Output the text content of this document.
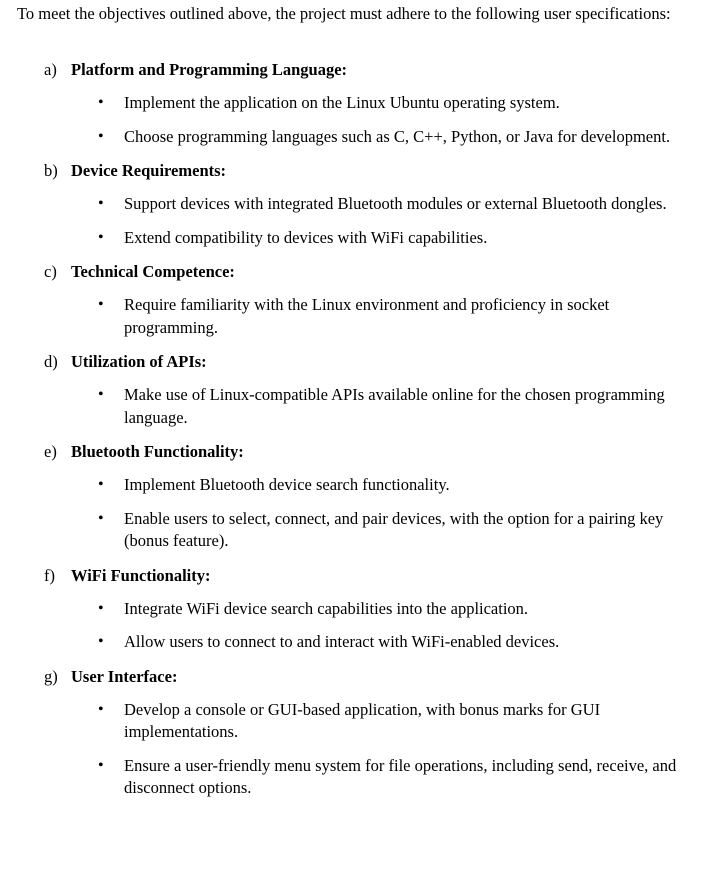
To meet the objectives outlined above, the project must adhere to the following user specifications:

a) Platform and Programming Language:
• Implement the application on the Linux Ubuntu operating system.
• Choose programming languages such as C, C++, Python, or Java for development.
b) Device Requirements:
• Support devices with integrated Bluetooth modules or external Bluetooth dongles.
• Extend compatibility to devices with WiFi capabilities.
c) Technical Competence:
• Require familiarity with the Linux environment and proficiency in socket programming.
d) Utilization of APIs:
• Make use of Linux-compatible APIs available online for the chosen programming language.
e) Bluetooth Functionality:
• Implement Bluetooth device search functionality.
• Enable users to select, connect, and pair devices, with the option for a pairing key (bonus feature).
f) WiFi Functionality:
• Integrate WiFi device search capabilities into the application.
• Allow users to connect to and interact with WiFi-enabled devices.
g) User Interface:
• Develop a console or GUI-based application, with bonus marks for GUI implementations.
• Ensure a user-friendly menu system for file operations, including send, receive, and disconnect options.
